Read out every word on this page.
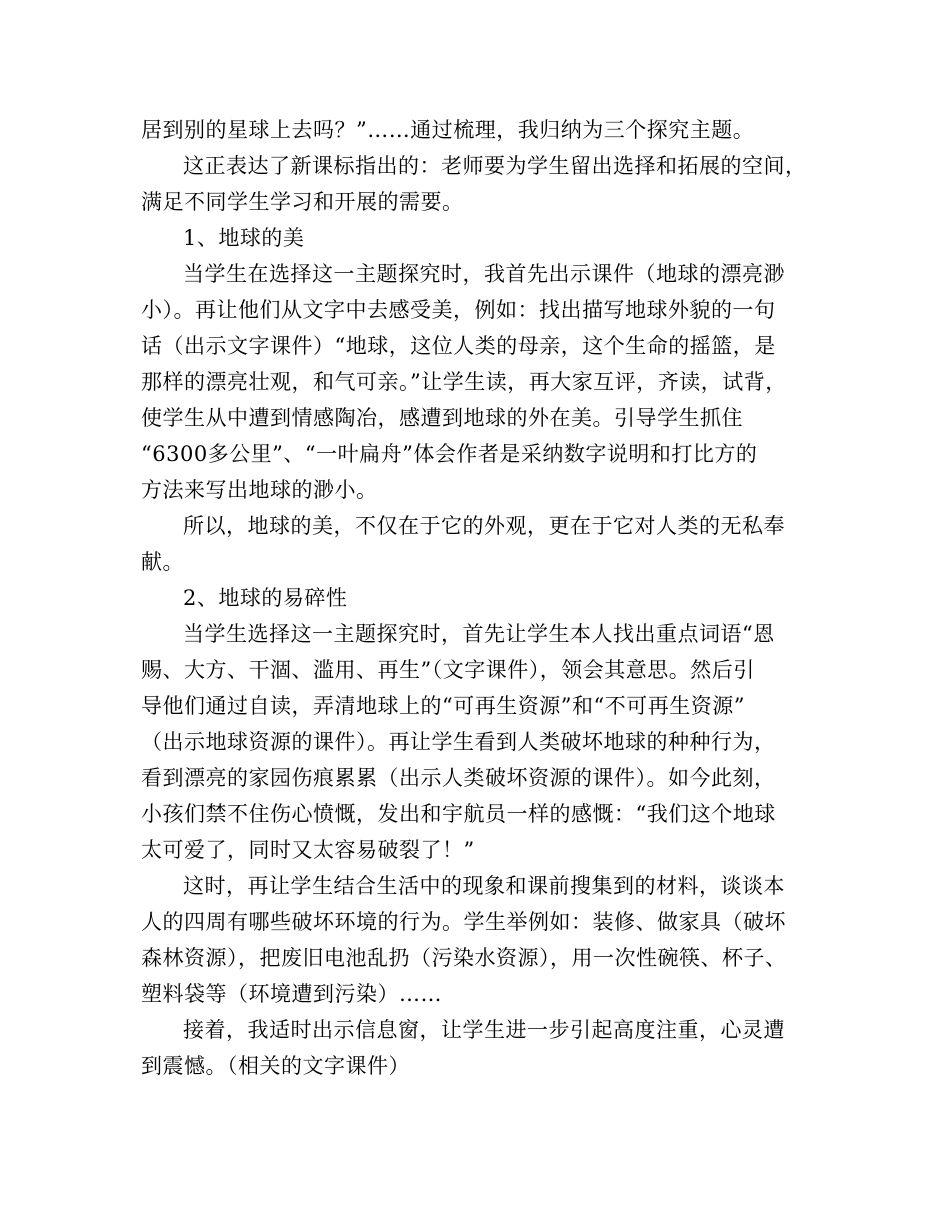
居到别的星球上去吗？”……通过梳理，我归纳为三个探究主题。
这正表达了新课标指出的：老师要为学生留出选择和拓展的空间，
满足不同学生学习和开展的需要。
1、地球的美
当学生在选择这一主题探究时，我首先出示课件（地球的漂亮渺
小）。再让他们从文字中去感受美，例如：找出描写地球外貌的一句
话（出示文字课件）“地球，这位人类的母亲，这个生命的摇篮，是
那样的漂亮壮观，和气可亲。”让学生读，再大家互评，齐读，试背，
使学生从中遭到情感陶冶，感遭到地球的外在美。引导学生抓住
“6300多公里”、“一叶扁舟”体会作者是采纳数字说明和打比方的
方法来写出地球的渺小。
所以，地球的美，不仅在于它的外观，更在于它对人类的无私奉
献。
2、地球的易碎性
当学生选择这一主题探究时，首先让学生本人找出重点词语“恩
赐、大方、干涸、滥用、再生”（文字课件），领会其意思。然后引
导他们通过自读，弄清地球上的“可再生资源”和“不可再生资源”
（出示地球资源的课件）。再让学生看到人类破坏地球的种种行为，
看到漂亮的家园伤痕累累（出示人类破坏资源的课件）。如今此刻，
小孩们禁不住伤心愤慨，发出和宇航员一样的感慨：“我们这个地球
太可爱了，同时又太容易破裂了！”
这时，再让学生结合生活中的现象和课前搜集到的材料，谈谈本
人的四周有哪些破坏环境的行为。学生举例如：装修、做家具（破坏
森林资源），把废旧电池乱扔（污染水资源），用一次性碗筷、杯子、
塑料袋等（环境遭到污染）……
接着，我适时出示信息窗，让学生进一步引起高度注重，心灵遭
到震憾。（相关的文字课件）
